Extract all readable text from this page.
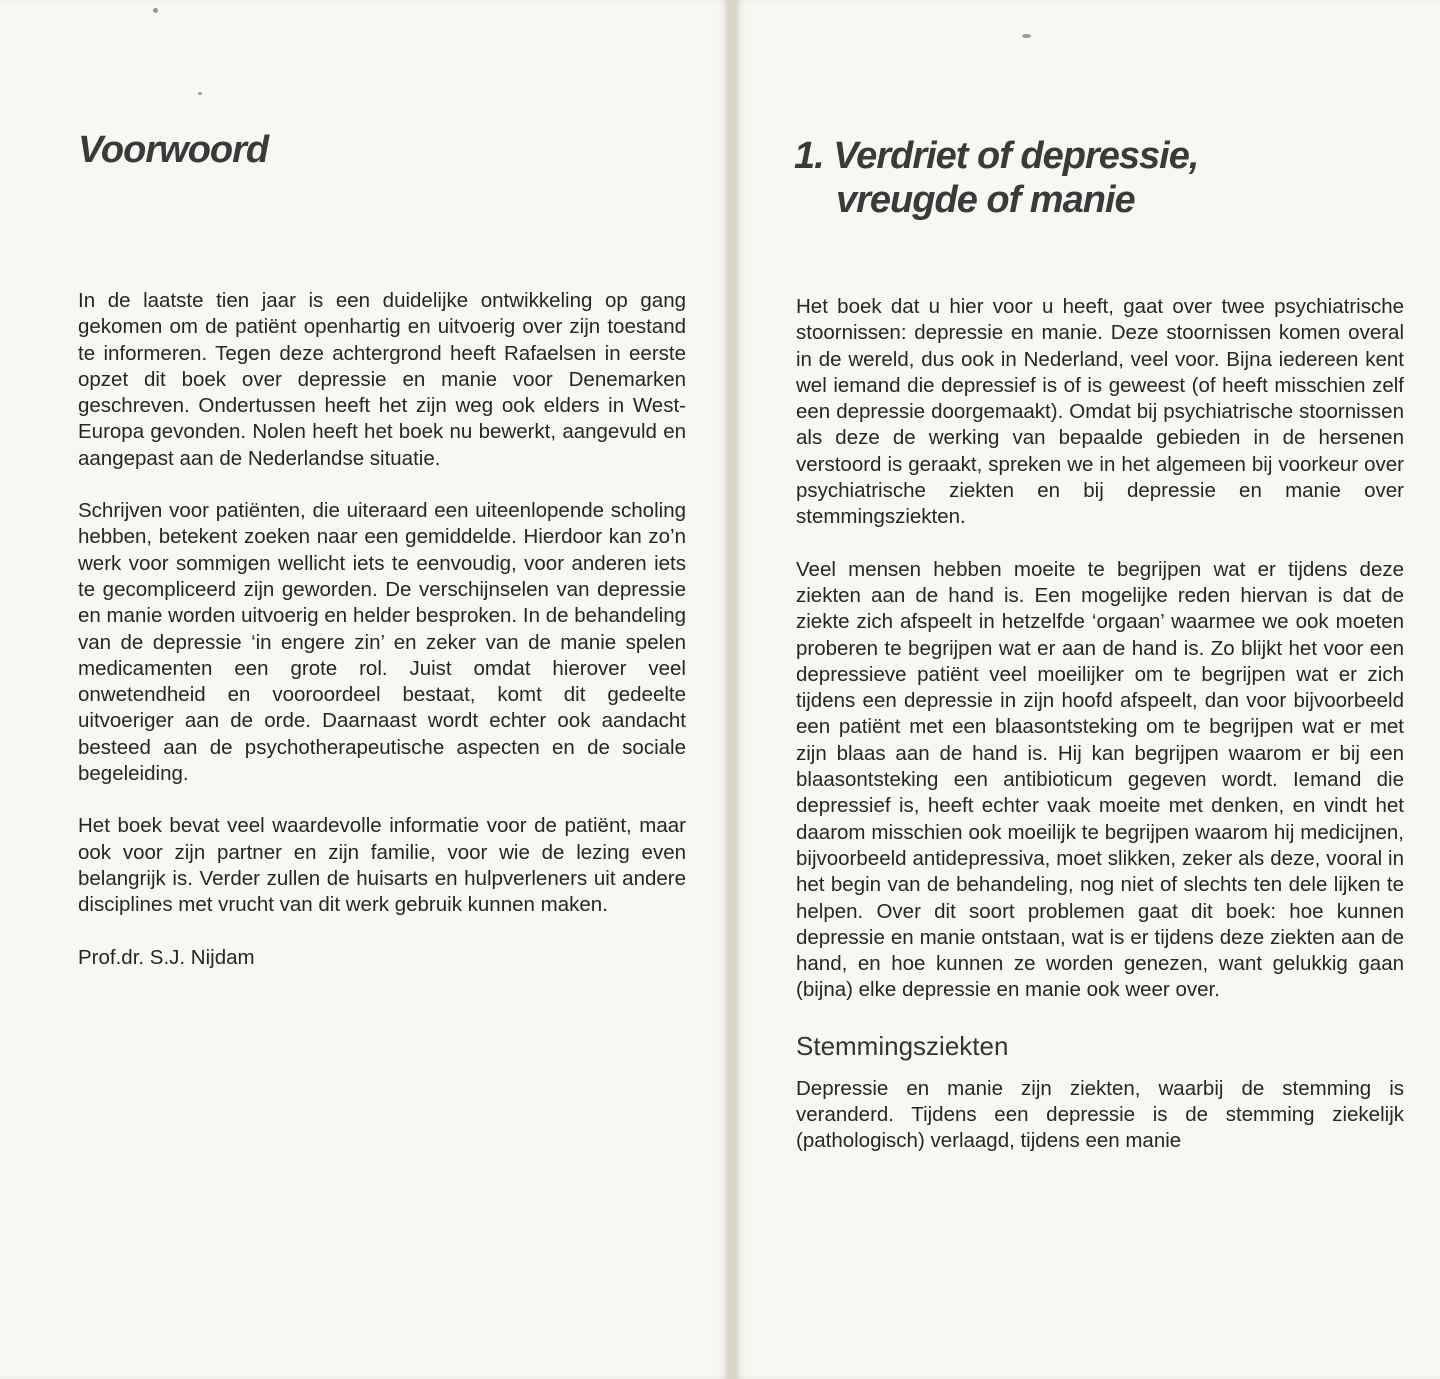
Voorwoord

In de laatste tien jaar is een duidelijke ontwikkeling op gang gekomen om de patiënt openhartig en uitvoerig over zijn toestand te informeren. Tegen deze achtergrond heeft Rafaelsen in eerste opzet dit boek over depressie en manie voor Denemarken geschreven. Ondertussen heeft het zijn weg ook elders in West-Europa gevonden. Nolen heeft het boek nu bewerkt, aangevuld en aangepast aan de Nederlandse situatie.

Schrijven voor patiënten, die uiteraard een uiteenlopende scholing hebben, betekent zoeken naar een gemiddelde. Hierdoor kan zo’n werk voor sommigen wellicht iets te eenvoudig, voor anderen iets te gecompliceerd zijn geworden. De verschijnselen van depressie en manie worden uitvoerig en helder besproken. In de behandeling van de depressie ‘in engere zin’ en zeker van de manie spelen medicamenten een grote rol. Juist omdat hierover veel onwetendheid en vooroordeel bestaat, komt dit gedeelte uitvoeriger aan de orde. Daarnaast wordt echter ook aandacht besteed aan de psychotherapeutische aspecten en de sociale begeleiding.

Het boek bevat veel waardevolle informatie voor de patiënt, maar ook voor zijn partner en zijn familie, voor wie de lezing even belangrijk is. Verder zullen de huisarts en hulpverleners uit andere disciplines met vrucht van dit werk gebruik kunnen maken.

Prof.dr. S.J. Nijdam

1. Verdriet of depressie,
vreugde of manie

Het boek dat u hier voor u heeft, gaat over twee psychiatrische stoornissen: depressie en manie. Deze stoornissen komen overal in de wereld, dus ook in Nederland, veel voor. Bijna iedereen kent wel iemand die depressief is of is geweest (of heeft misschien zelf een depressie doorgemaakt). Omdat bij psychiatrische stoornissen als deze de werking van bepaalde gebieden in de hersenen verstoord is geraakt, spreken we in het algemeen bij voorkeur over psychiatrische ziekten en bij depressie en manie over stemmingsziekten.

Veel mensen hebben moeite te begrijpen wat er tijdens deze ziekten aan de hand is. Een mogelijke reden hiervan is dat de ziekte zich afspeelt in hetzelfde ‘orgaan’ waarmee we ook moeten proberen te begrijpen wat er aan de hand is. Zo blijkt het voor een depressieve patiënt veel moeilijker om te begrijpen wat er zich tijdens een depressie in zijn hoofd afspeelt, dan voor bijvoorbeeld een patiënt met een blaasontsteking om te begrijpen wat er met zijn blaas aan de hand is. Hij kan begrijpen waarom er bij een blaasontsteking een antibioticum gegeven wordt. Iemand die depressief is, heeft echter vaak moeite met denken, en vindt het daarom misschien ook moeilijk te begrijpen waarom hij medicijnen, bijvoorbeeld antidepressiva, moet slikken, zeker als deze, vooral in het begin van de behandeling, nog niet of slechts ten dele lijken te helpen. Over dit soort problemen gaat dit boek: hoe kunnen depressie en manie ontstaan, wat is er tijdens deze ziekten aan de hand, en hoe kunnen ze worden genezen, want gelukkig gaan (bijna) elke depressie en manie ook weer over.

Stemmingsziekten

Depressie en manie zijn ziekten, waarbij de stemming is veranderd. Tijdens een depressie is de stemming ziekelijk (pathologisch) verlaagd, tijdens een manie
